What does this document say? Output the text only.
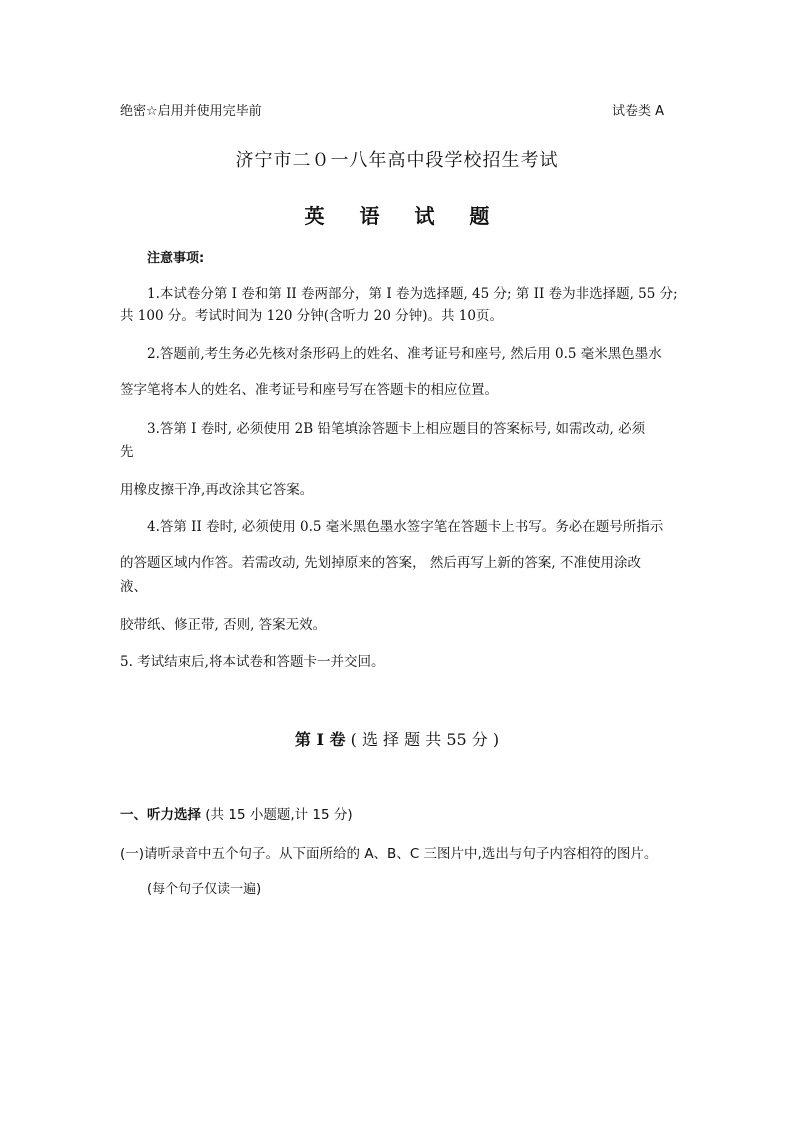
绝密☆启用并使用完毕前	试卷类 A
济宁市二０一八年高中段学校招生考试
英 语 试 题
注意事项:
1.本试卷分第 I 卷和第 II 卷两部分，第 I 卷为选择题, 45 分; 第 II 卷为非选择题, 55 分;
共 100 分。考试时间为 120 分钟(含听力 20 分钟)。共 10页。
2.答题前,考生务必先核对条形码上的姓名、准考证号和座号, 然后用 0.5 毫米黑色墨水
签字笔将本人的姓名、准考证号和座号写在答题卡的相应位置。
3.答第 I 卷时, 必须使用 2B 铅笔填涂答题卡上相应题目的答案标号, 如需改动, 必须
先
用橡皮擦干净,再改涂其它答案。
4.答第 II 卷时, 必须使用 0.5 毫米黑色墨水签字笔在答题卡上书写。务必在题号所指示
的答题区域内作答。若需改动, 先划掉原来的答案， 然后再写上新的答案, 不准使用涂改
液、
胶带纸、修正带, 否则, 答案无效。
5. 考试结束后,将本试卷和答题卡一并交回。
第 I 卷 ( 选 择 题 共 55 分 )
一、听力选择 (共 15 小题题,计 15 分)
(一)请听录音中五个句子。从下面所给的 A、B、C 三图片中,选出与句子内容相符的图片。
(每个句子仅读一遍)
